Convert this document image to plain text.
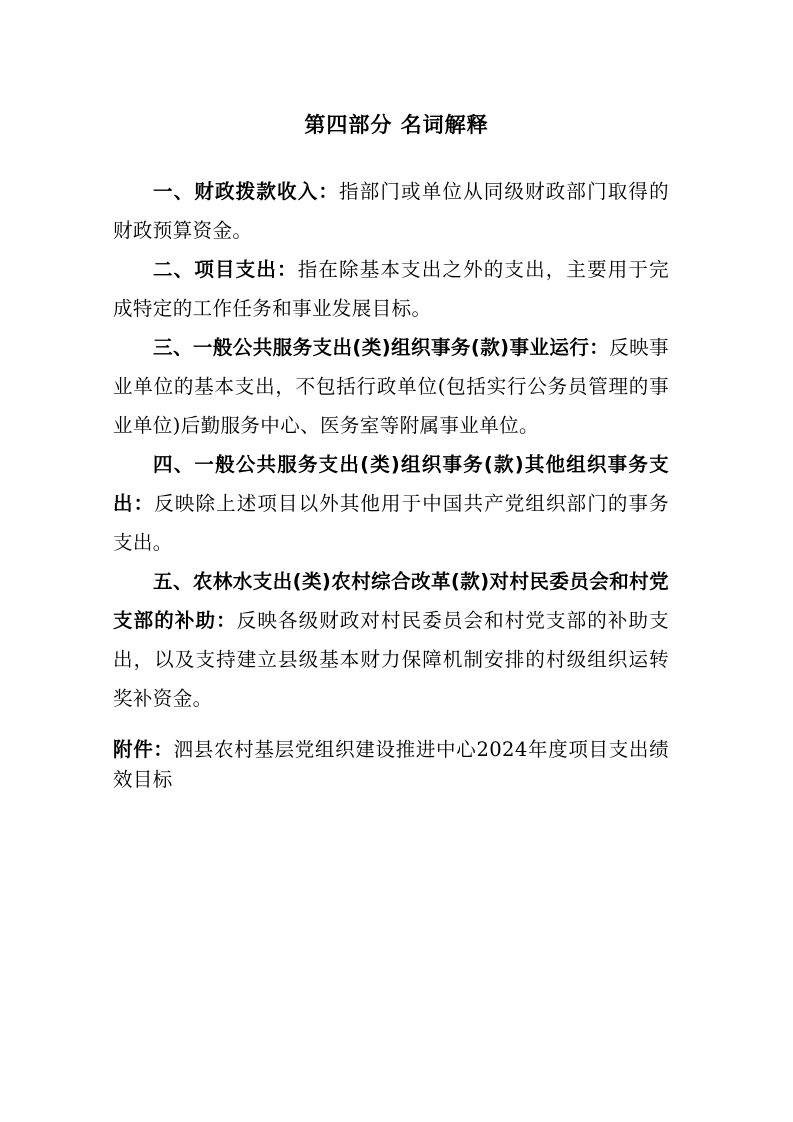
第四部分 名词解释

一、财政拨款收入：指部门或单位从同级财政部门取得的财政预算资金。

二、项目支出：指在除基本支出之外的支出，主要用于完成特定的工作任务和事业发展目标。

三、一般公共服务支出(类)组织事务(款)事业运行：反映事业单位的基本支出，不包括行政单位(包括实行公务员管理的事业单位)后勤服务中心、医务室等附属事业单位。

四、一般公共服务支出(类)组织事务(款)其他组织事务支出：反映除上述项目以外其他用于中国共产党组织部门的事务支出。

五、农林水支出(类)农村综合改革(款)对村民委员会和村党支部的补助：反映各级财政对村民委员会和村党支部的补助支出，以及支持建立县级基本财力保障机制安排的村级组织运转奖补资金。

附件：泗县农村基层党组织建设推进中心2024年度项目支出绩效目标
